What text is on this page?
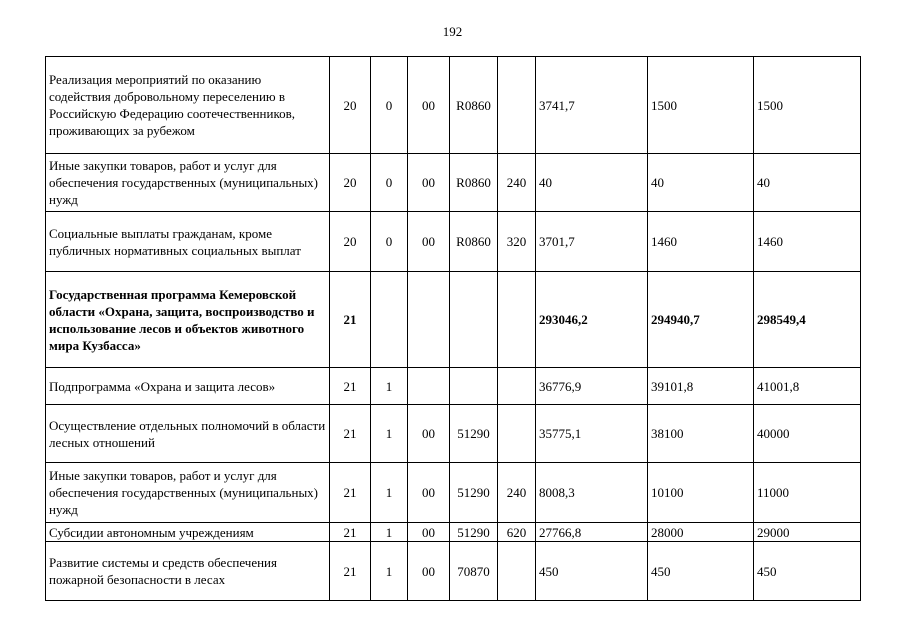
192
Реализация мероприятий по оказанию содействия добровольному переселению в Российскую Федерацию соотечественников, проживающих за рубежом	20	0	00	R0860		3741,7	1500	1500
Иные закупки товаров, работ и услуг для обеспечения государственных (муниципальных) нужд	20	0	00	R0860	240	40	40	40
Социальные выплаты гражданам, кроме публичных нормативных социальных выплат	20	0	00	R0860	320	3701,7	1460	1460
Государственная программа Кемеровской области «Охрана, защита, воспроизводство и использование лесов и объектов животного мира Кузбасса»	21					293046,2	294940,7	298549,4
Подпрограмма «Охрана и защита лесов»	21	1				36776,9	39101,8	41001,8
Осуществление отдельных полномочий в области лесных отношений	21	1	00	51290		35775,1	38100	40000
Иные закупки товаров, работ и услуг для обеспечения государственных (муниципальных) нужд	21	1	00	51290	240	8008,3	10100	11000
Субсидии автономным учреждениям	21	1	00	51290	620	27766,8	28000	29000
Развитие системы и средств обеспечения пожарной безопасности в лесах	21	1	00	70870		450	450	450
